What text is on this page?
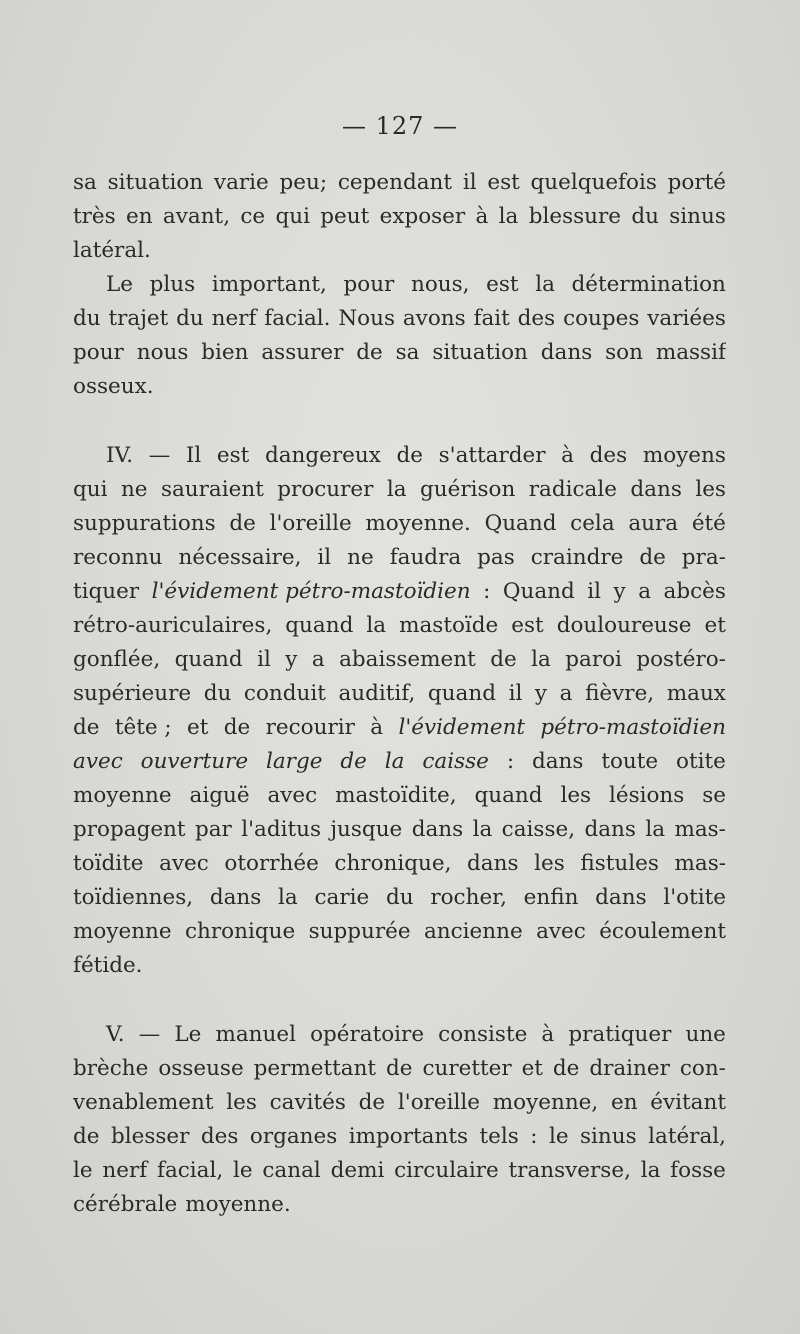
— 127 —
sa situation varie peu; cependant il est quelquefois porté
très en avant, ce qui peut exposer à la blessure du sinus
latéral.
Le plus important, pour nous, est la détermination
du trajet du nerf facial. Nous avons fait des coupes variées
pour nous bien assurer de sa situation dans son massif
osseux.
IV. — Il est dangereux de s'attarder à des moyens
qui ne sauraient procurer la guérison radicale dans les
suppurations de l'oreille moyenne. Quand cela aura été
reconnu nécessaire, il ne faudra pas craindre de pra-
tiquer l'évidement pétro-mastoïdien : Quand il y a abcès
rétro-auriculaires, quand la mastoïde est douloureuse et
gonflée, quand il y a abaissement de la paroi postéro-
supérieure du conduit auditif, quand il y a fièvre, maux
de tête ; et de recourir à l'évidement pétro-mastoïdien
avec ouverture large de la caisse : dans toute otite
moyenne aiguë avec mastoïdite, quand les lésions se
propagent par l'aditus jusque dans la caisse, dans la mas-
toïdite avec otorrhée chronique, dans les fistules mas-
toïdiennes, dans la carie du rocher, enfin dans l'otite
moyenne chronique suppurée ancienne avec écoulement
fétide.
V. — Le manuel opératoire consiste à pratiquer une
brèche osseuse permettant de curetter et de drainer con-
venablement les cavités de l'oreille moyenne, en évitant
de blesser des organes importants tels : le sinus latéral,
le nerf facial, le canal demi circulaire transverse, la fosse
cérébrale moyenne.
